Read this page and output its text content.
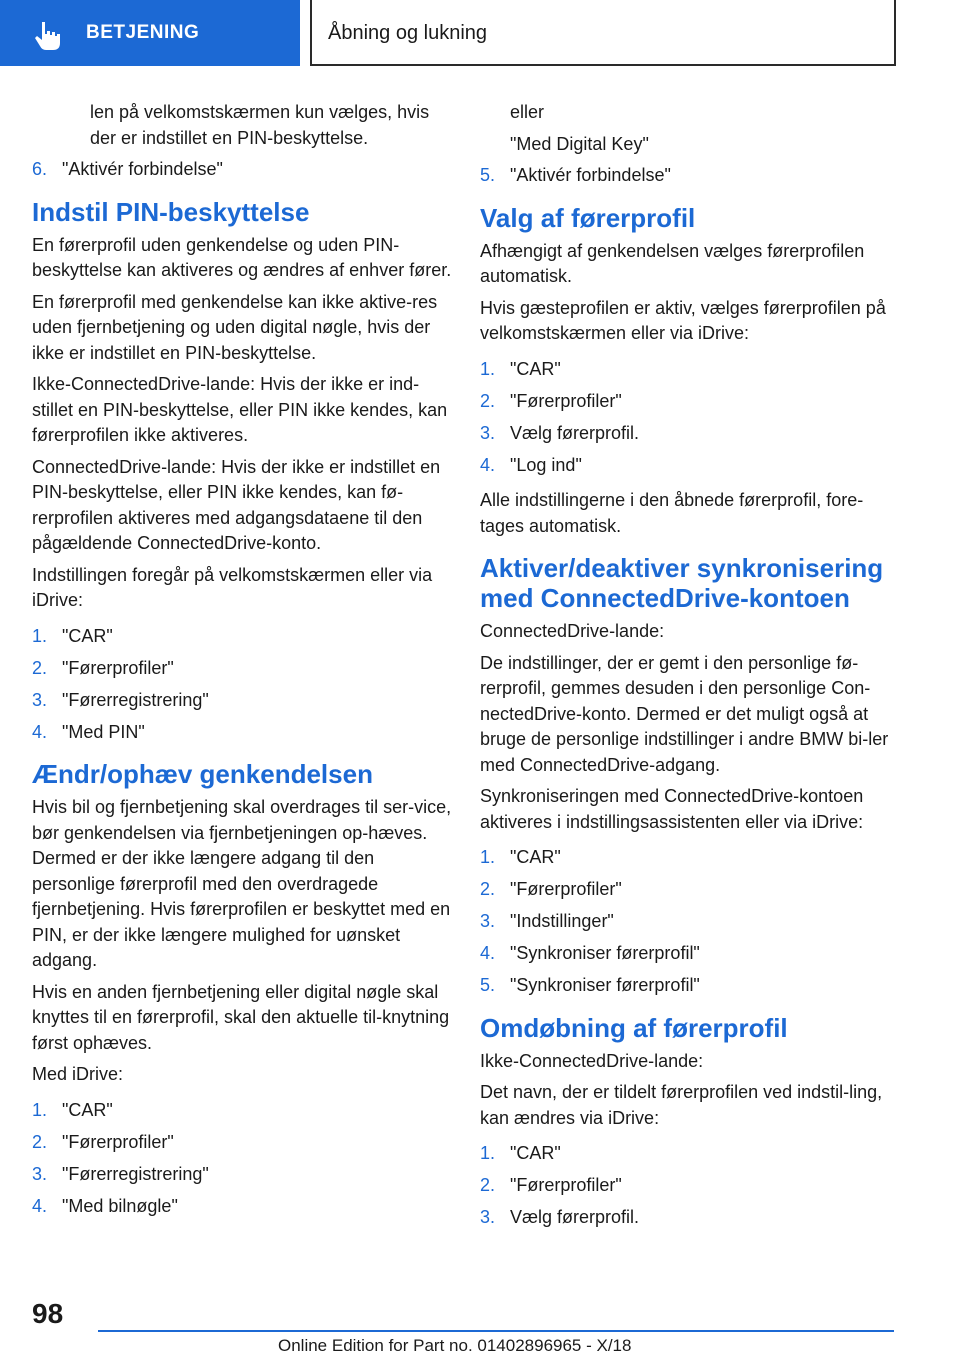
BETJENING	Åbning og lukning

len på velkomstskærmen kun vælges, hvis der er indstillet en PIN-beskyttelse.

6. "Aktivér forbindelse"
Indstil PIN-beskyttelse

En førerprofil uden genkendelse og uden PIN-beskyttelse kan aktiveres og ændres af enhver fører.

En førerprofil med genkendelse kan ikke aktive-res uden fjernbetjening og uden digital nøgle, hvis der ikke er indstillet en PIN-beskyttelse.

Ikke-ConnectedDrive-lande: Hvis der ikke er ind-stillet en PIN-beskyttelse, eller PIN ikke kendes, kan førerprofilen ikke aktiveres.

ConnectedDrive-lande: Hvis der ikke er indstillet en PIN-beskyttelse, eller PIN ikke kendes, kan fø-rerprofilen aktiveres med adgangsdataene til den pågældende ConnectedDrive-konto.

Indstillingen foregår på velkomstskærmen eller via iDrive:

1. "CAR"
2. "Førerprofiler"
3. "Førerregistrering"
4. "Med PIN"
Ændr/ophæv genkendelsen

Hvis bil og fjernbetjening skal overdrages til ser-vice, bør genkendelsen via fjernbetjeningen op-hæves. Dermed er der ikke længere adgang til den personlige førerprofil med den overdragede fjernbetjening. Hvis førerprofilen er beskyttet med en PIN, er der ikke længere mulighed for uønsket adgang.

Hvis en anden fjernbetjening eller digital nøgle skal knyttes til en førerprofil, skal den aktuelle til-knytning først ophæves.

Med iDrive:

1. "CAR"
2. "Førerprofiler"
3. "Førerregistrering"
4. "Med bilnøgle"

eller

"Med Digital Key"

5. "Aktivér forbindelse"
Valg af førerprofil

Afhængigt af genkendelsen vælges førerprofilen automatisk.

Hvis gæsteprofilen er aktiv, vælges førerprofilen på velkomstskærmen eller via iDrive:

1. "CAR"
2. "Førerprofiler"
3. Vælg førerprofil.
4. "Log ind"

Alle indstillingerne i den åbnede førerprofil, fore-tages automatisk.

Aktiver/deaktiver synkronisering med ConnectedDrive-kontoen

ConnectedDrive-lande:

De indstillinger, der er gemt i den personlige fø-rerprofil, gemmes desuden i den personlige Con-nectedDrive-konto. Dermed er det muligt også at bruge de personlige indstillinger i andre BMW bi-ler med ConnectedDrive-adgang.

Synkroniseringen med ConnectedDrive-kontoen aktiveres i indstillingsassistenten eller via iDrive:

1. "CAR"
2. "Førerprofiler"
3. "Indstillinger"
4. "Synkroniser førerprofil"
5. "Synkroniser førerprofil"
Omdøbning af førerprofil

Ikke-ConnectedDrive-lande:

Det navn, der er tildelt førerprofilen ved indstil-ling, kan ændres via iDrive:

1. "CAR"
2. "Førerprofiler"
3. Vælg førerprofil.
98
Online Edition for Part no. 01402896965 - X/18
